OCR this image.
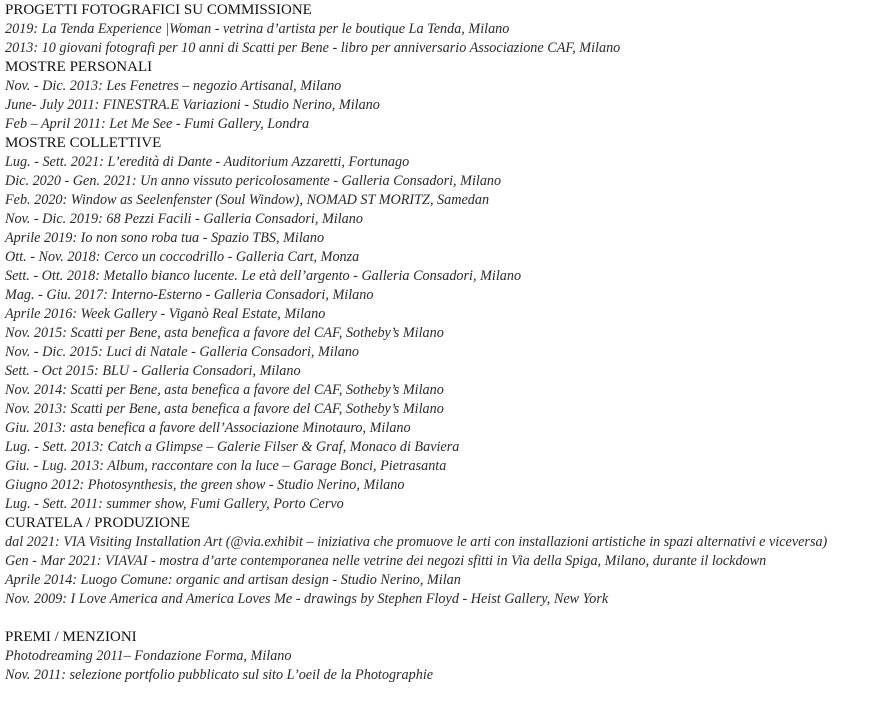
PROGETTI FOTOGRAFICI SU COMMISSIONE
2019: La Tenda Experience |Woman - vetrina d’artista per le boutique La Tenda, Milano
2013: 10 giovani fotografi per 10 anni di Scatti per Bene - libro per anniversario Associazione CAF, Milano
MOSTRE PERSONALI
Nov. - Dic. 2013: Les Fenetres – negozio Artisanal, Milano
June- July 2011: FINESTRA.E Variazioni - Studio Nerino, Milano
Feb – April 2011: Let Me See - Fumi Gallery, Londra
MOSTRE COLLETTIVE
Lug. - Sett. 2021: L’eredità di Dante - Auditorium Azzaretti, Fortunago
Dic. 2020 - Gen. 2021: Un anno vissuto pericolosamente - Galleria Consadori, Milano
Feb. 2020: Window as Seelenfenster (Soul Window), NOMAD ST MORITZ, Samedan
Nov. - Dic. 2019: 68 Pezzi Facili - Galleria Consadori, Milano
Aprile 2019: Io non sono roba tua - Spazio TBS, Milano
Ott. - Nov. 2018: Cerco un coccodrillo - Galleria Cart, Monza
Sett. - Ott. 2018: Metallo bianco lucente. Le età dell’argento - Galleria Consadori, Milano
Mag. - Giu. 2017: Interno-Esterno - Galleria Consadori, Milano
Aprile 2016: Week Gallery - Viganò Real Estate, Milano
Nov. 2015: Scatti per Bene, asta benefica a favore del CAF, Sotheby’s Milano
Nov. - Dic. 2015: Luci di Natale - Galleria Consadori, Milano
Sett. - Oct 2015: BLU - Galleria Consadori, Milano
Nov. 2014: Scatti per Bene, asta benefica a favore del CAF, Sotheby’s Milano
Nov. 2013: Scatti per Bene, asta benefica a favore del CAF, Sotheby’s Milano
Giu. 2013: asta benefica a favore dell’Associazione Minotauro, Milano
Lug. - Sett. 2013: Catch a Glimpse – Galerie Filser & Graf, Monaco di Baviera
Giu. - Lug. 2013: Album, raccontare con la luce – Garage Bonci, Pietrasanta
Giugno 2012: Photosynthesis, the green show - Studio Nerino, Milano
Lug. - Sett. 2011: summer show, Fumi Gallery, Porto Cervo
CURATELA / PRODUZIONE
dal 2021: VIA Visiting Installation Art (@via.exhibit – iniziativa che promuove le arti con installazioni artistiche in spazi alternativi e viceversa)
Gen - Mar 2021: VIAVAI - mostra d’arte contemporanea nelle vetrine dei negozi sfitti in Via della Spiga, Milano, durante il lockdown
Aprile 2014: Luogo Comune: organic and artisan design - Studio Nerino, Milan
Nov. 2009: I Love America and America Loves Me - drawings by Stephen Floyd - Heist Gallery, New York
PREMI / MENZIONI
Photodreaming 2011– Fondazione Forma, Milano
Nov. 2011: selezione portfolio pubblicato sul sito L’oeil de la Photographie
